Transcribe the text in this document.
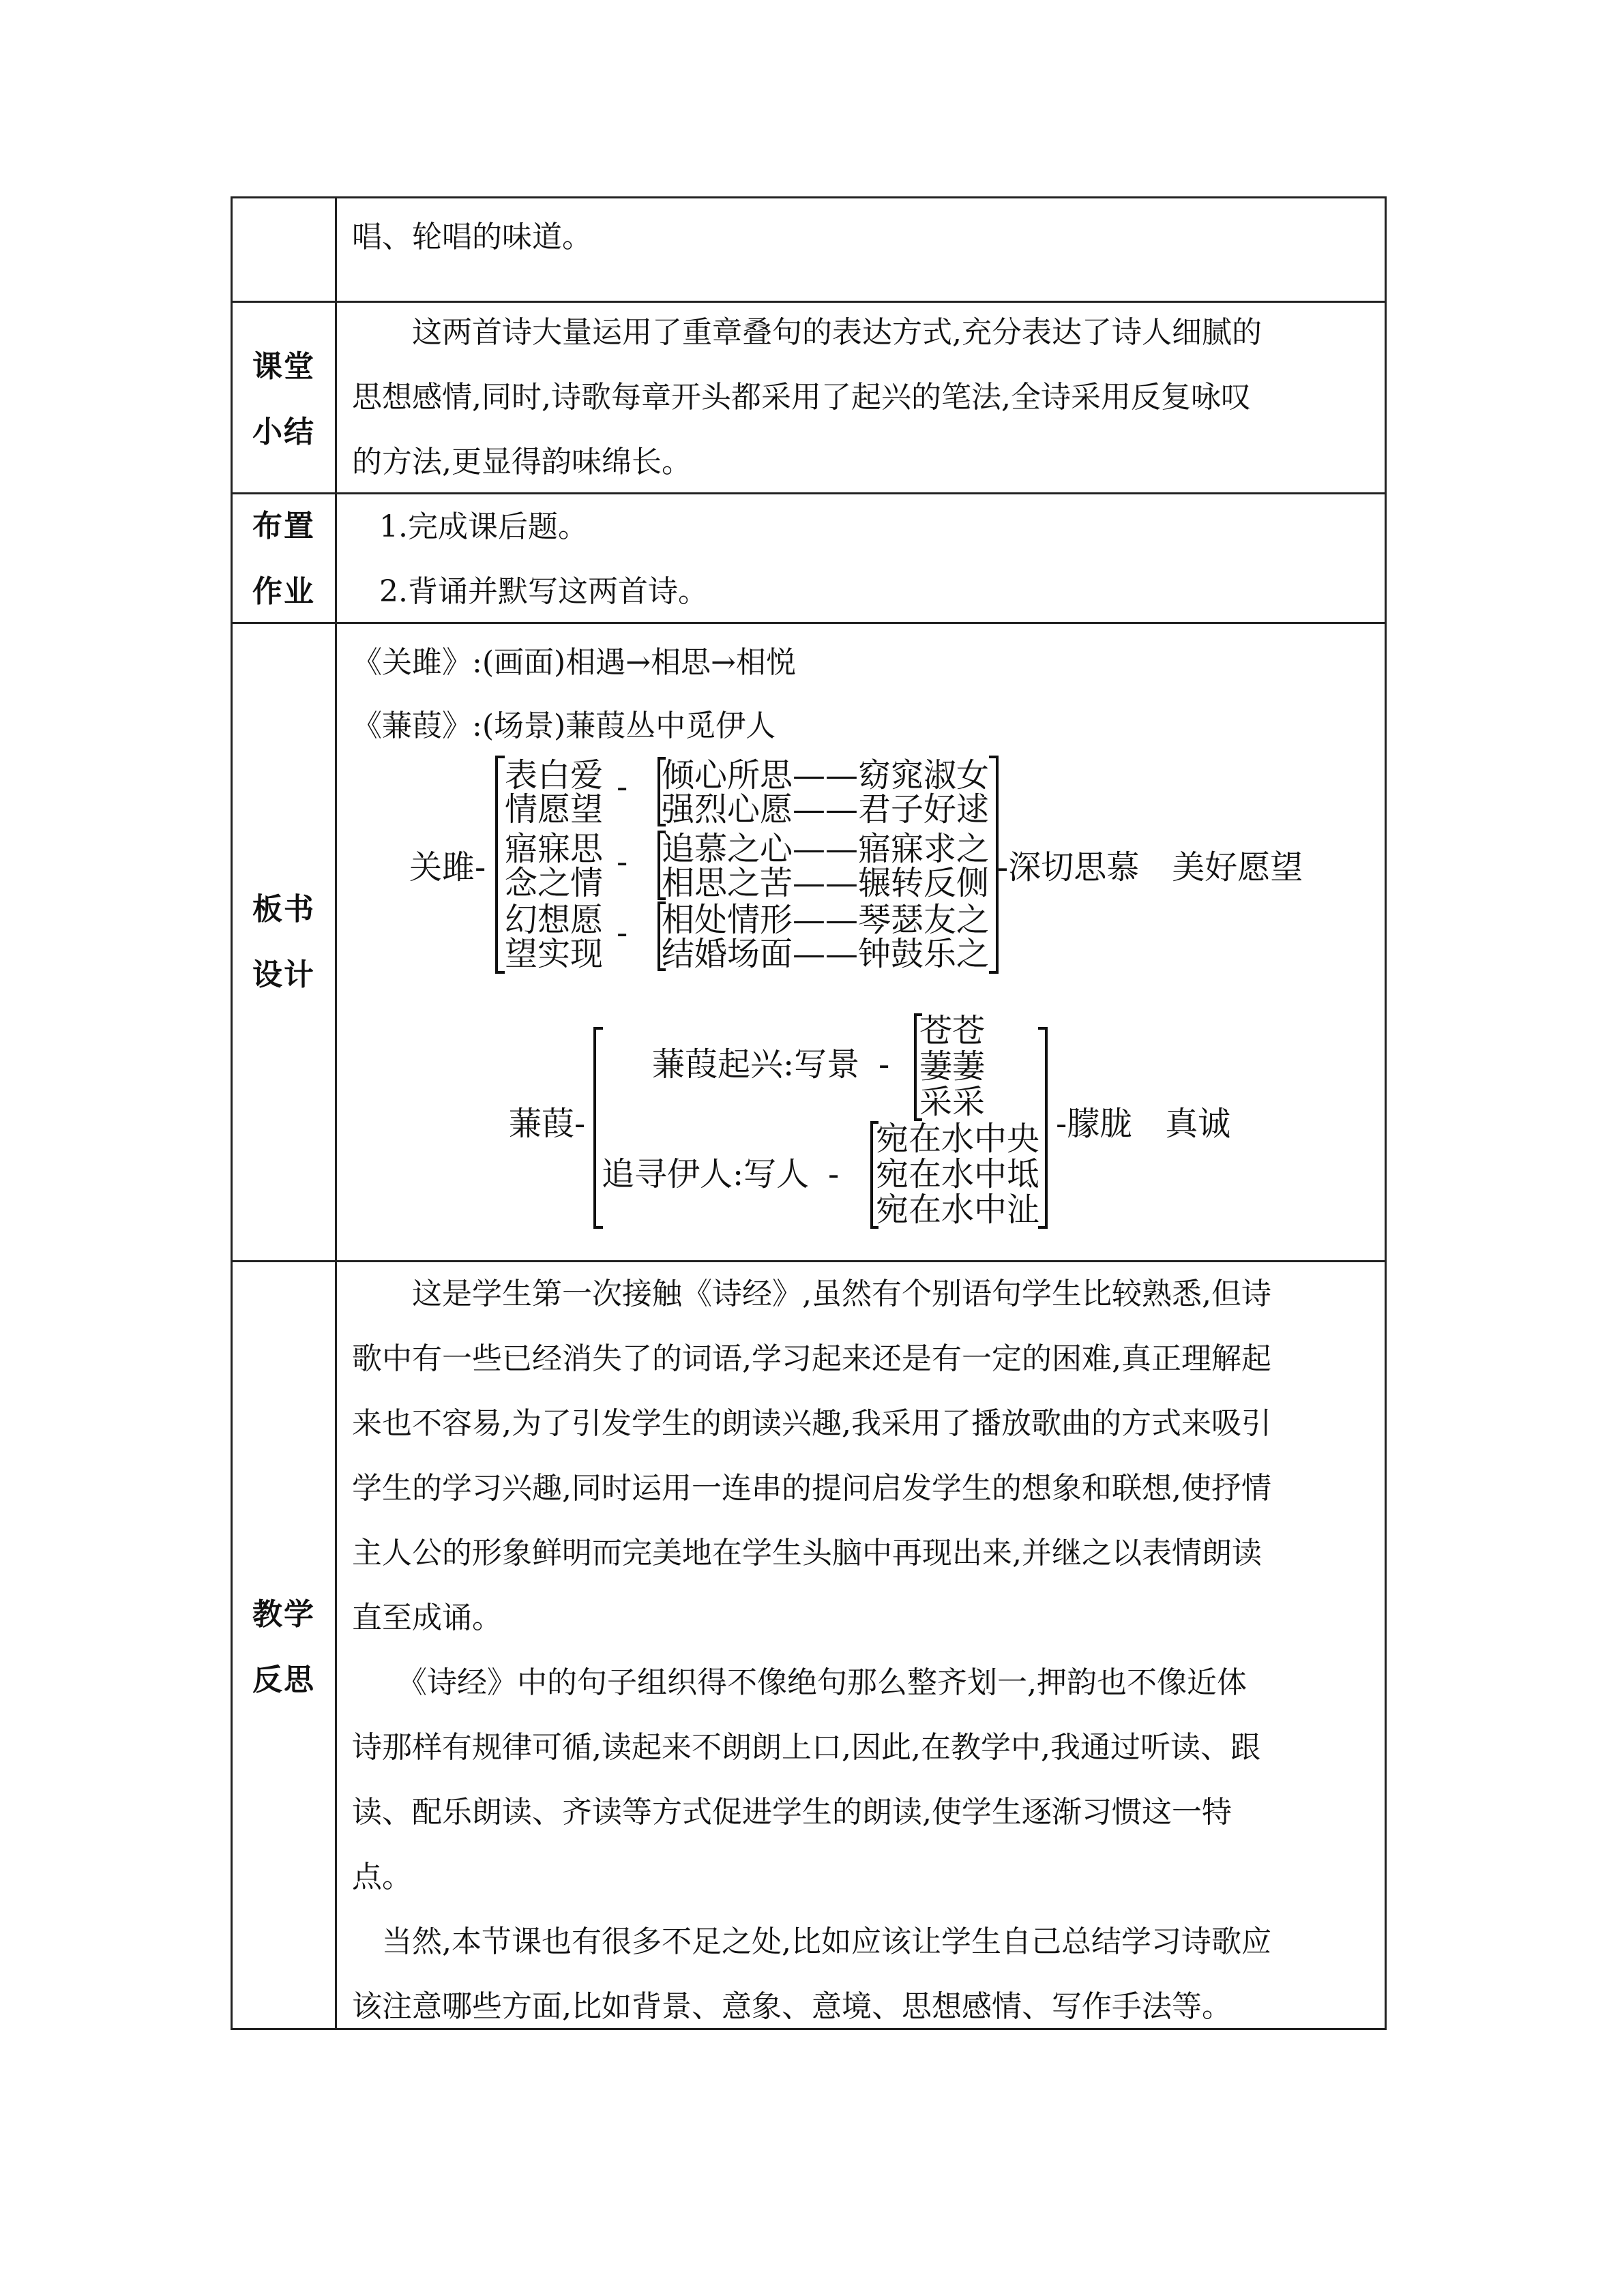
唱、轮唱的味道。
课堂
小结

　　这两首诗大量运用了重章叠句的表达方式,充分表达了诗人细腻的

思想感情,同时,诗歌每章开头都采用了起兴的笔法,全诗采用反复咏叹

的方法,更显得韵味绵长。

布置
作业

1.完成课后题。

2.背诵并默写这两首诗。

板书
设计
《关雎》:(画面)相遇→相思→相悦
《蒹葭》:(场景)蒹葭丛中觅伊人
关雎-
表白爱
情愿望
- 倾心所思——窈窕淑女
强烈心愿——君子好逑
寤寐思
念之情
- 追慕之心——寤寐求之
相思之苦——辗转反侧
幻想愿
望实现
- 相处情形——琴瑟友之
结婚场面——钟鼓乐之
-深切思慕　美好愿望
蒹葭-
蒹葭起兴:写景 -
苍苍
萋萋
采采
追寻伊人:写人 -
宛在水中央
宛在水中坻
宛在水中沚
-朦胧　真诚
教学
反思

　　这是学生第一次接触《诗经》,虽然有个别语句学生比较熟悉,但诗

歌中有一些已经消失了的词语,学习起来还是有一定的困难,真正理解起

来也不容易,为了引发学生的朗读兴趣,我采用了播放歌曲的方式来吸引

学生的学习兴趣,同时运用一连串的提问启发学生的想象和联想,使抒情

主人公的形象鲜明而完美地在学生头脑中再现出来,并继之以表情朗读

直至成诵。

　　《诗经》中的句子组织得不像绝句那么整齐划一,押韵也不像近体

诗那样有规律可循,读起来不朗朗上口,因此,在教学中,我通过听读、跟

读、配乐朗读、齐读等方式促进学生的朗读,使学生逐渐习惯这一特

点。

　当然,本节课也有很多不足之处,比如应该让学生自己总结学习诗歌应

该注意哪些方面,比如背景、意象、意境、思想感情、写作手法等。
